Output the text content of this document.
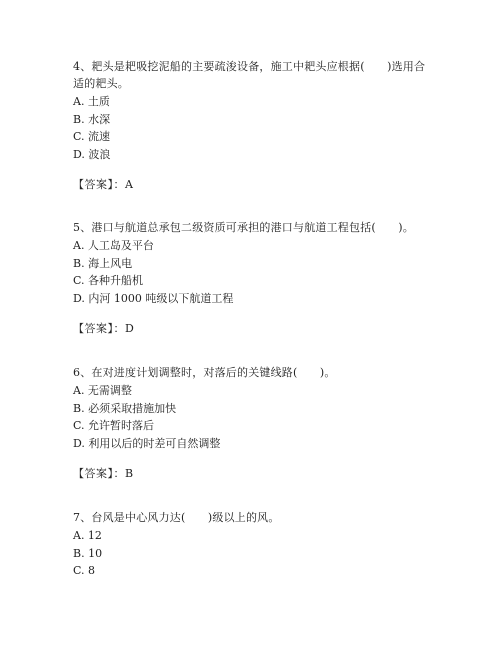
4、耙头是耙吸挖泥船的主要疏浚设备，施工中耙头应根据(　　)选用合适的耙头。

A. 土质

B. 水深

C. 流速

D. 波浪

【答案】：A

5、港口与航道总承包二级资质可承担的港口与航道工程包括(　　)。

A. 人工岛及平台

B. 海上风电

C. 各种升船机

D. 内河 1000 吨级以下航道工程

【答案】：D

6、在对进度计划调整时，对落后的关键线路(　　)。

A. 无需调整

B. 必须采取措施加快

C. 允许暂时落后

D. 利用以后的时差可自然调整

【答案】：B

7、台风是中心风力达(　　)级以上的风。

A. 12

B. 10

C. 8
